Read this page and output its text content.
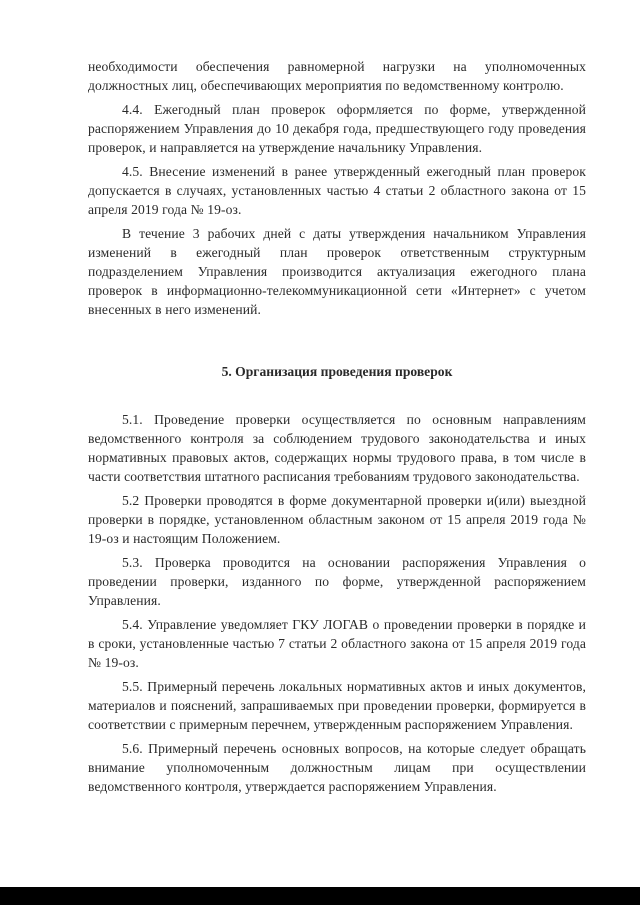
необходимости обеспечения равномерной нагрузки на уполномоченных должностных лиц, обеспечивающих мероприятия по ведомственному контролю.

4.4. Ежегодный план проверок оформляется по форме, утвержденной распоряжением Управления до 10 декабря года, предшествующего году проведения проверок, и направляется на утверждение начальнику Управления.

4.5. Внесение изменений в ранее утвержденный ежегодный план проверок допускается в случаях, установленных частью 4 статьи 2 областного закона от 15 апреля 2019 года № 19-оз.

В течение 3 рабочих дней с даты утверждения начальником Управления изменений в ежегодный план проверок ответственным структурным подразделением Управления производится актуализация ежегодного плана проверок в информационно-телекоммуникационной сети «Интернет» с учетом внесенных в него изменений.

5. Организация проведения проверок

5.1. Проведение проверки осуществляется по основным направлениям ведомственного контроля за соблюдением трудового законодательства и иных нормативных правовых актов, содержащих нормы трудового права, в том числе в части соответствия штатного расписания требованиям трудового законодательства.

5.2 Проверки проводятся в форме документарной проверки и(или) выездной проверки в порядке, установленном областным законом от 15 апреля 2019 года № 19-оз и настоящим Положением.

5.3. Проверка проводится на основании распоряжения Управления о проведении проверки, изданного по форме, утвержденной распоряжением Управления.

5.4. Управление уведомляет ГКУ ЛОГАВ о проведении проверки в порядке и в сроки, установленные частью 7 статьи 2 областного закона от 15 апреля 2019 года № 19-оз.

5.5. Примерный перечень локальных нормативных актов и иных документов, материалов и пояснений, запрашиваемых при проведении проверки, формируется в соответствии с примерным перечнем, утвержденным распоряжением Управления.

5.6. Примерный перечень основных вопросов, на которые следует обращать внимание уполномоченным должностным лицам при осуществлении ведомственного контроля, утверждается распоряжением Управления.
